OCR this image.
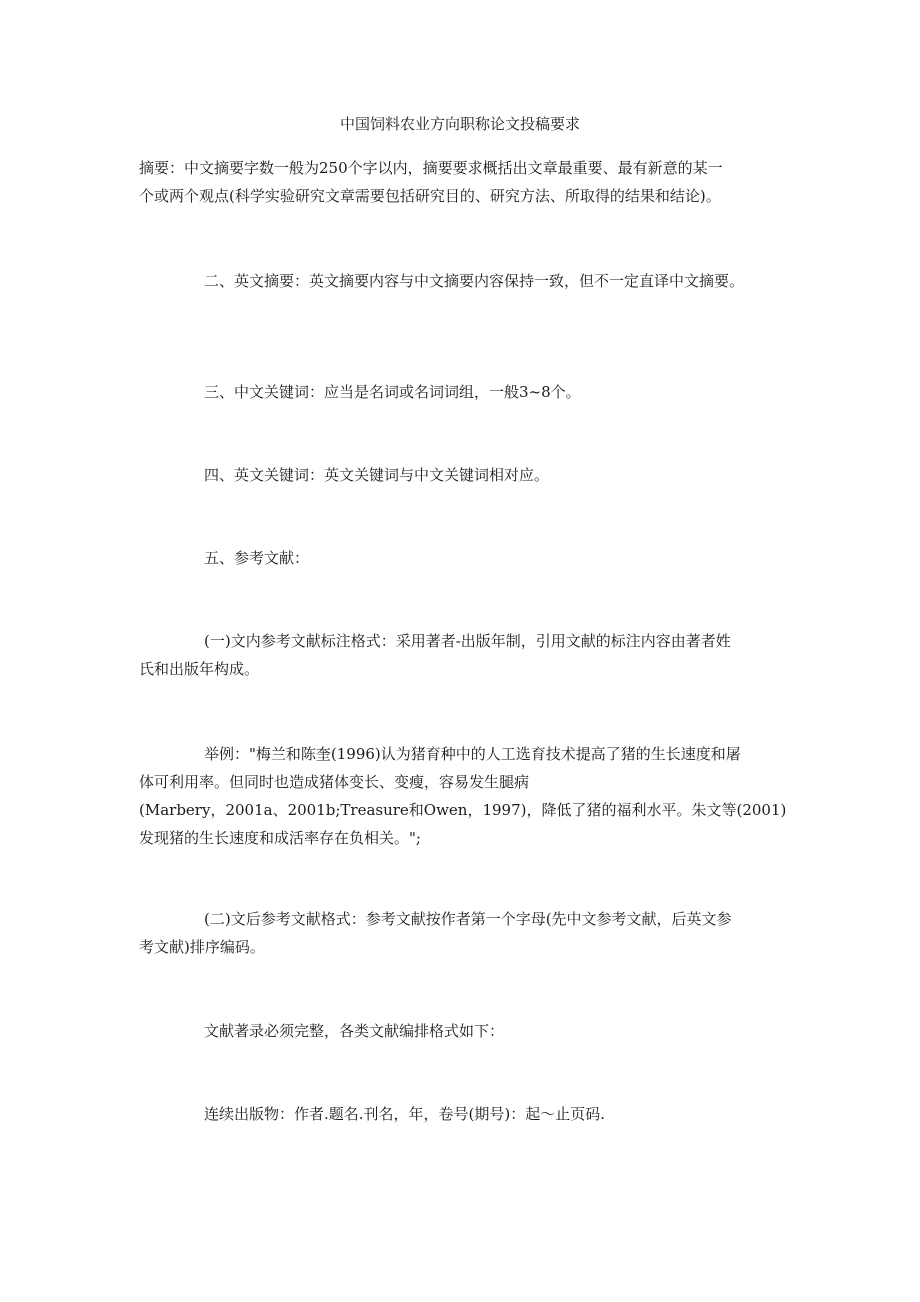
中国饲料农业方向职称论文投稿要求
摘要：中文摘要字数一般为250个字以内，摘要要求概括出文章最重要、最有新意的某一
个或两个观点(科学实验研究文章需要包括研究目的、研究方法、所取得的结果和结论)。
二、英文摘要：英文摘要内容与中文摘要内容保持一致，但不一定直译中文摘要。
三、中文关键词：应当是名词或名词词组，一般3~8个。
四、英文关键词：英文关键词与中文关键词相对应。
五、参考文献：
(一)文内参考文献标注格式：采用著者-出版年制，引用文献的标注内容由著者姓
氏和出版年构成。
举例："梅兰和陈奎(1996)认为猪育种中的人工选育技术提高了猪的生长速度和屠
体可利用率。但同时也造成猪体变长、变瘦，容易发生腿病
(Marbery，2001a、2001b;Treasure和Owen，1997)，降低了猪的福利水平。朱文等(2001)
发现猪的生长速度和成活率存在负相关。";
(二)文后参考文献格式：参考文献按作者第一个字母(先中文参考文献，后英文参
考文献)排序编码。
文献著录必须完整，各类文献编排格式如下：
连续出版物：作者.题名.刊名，年，卷号(期号)：起～止页码.
